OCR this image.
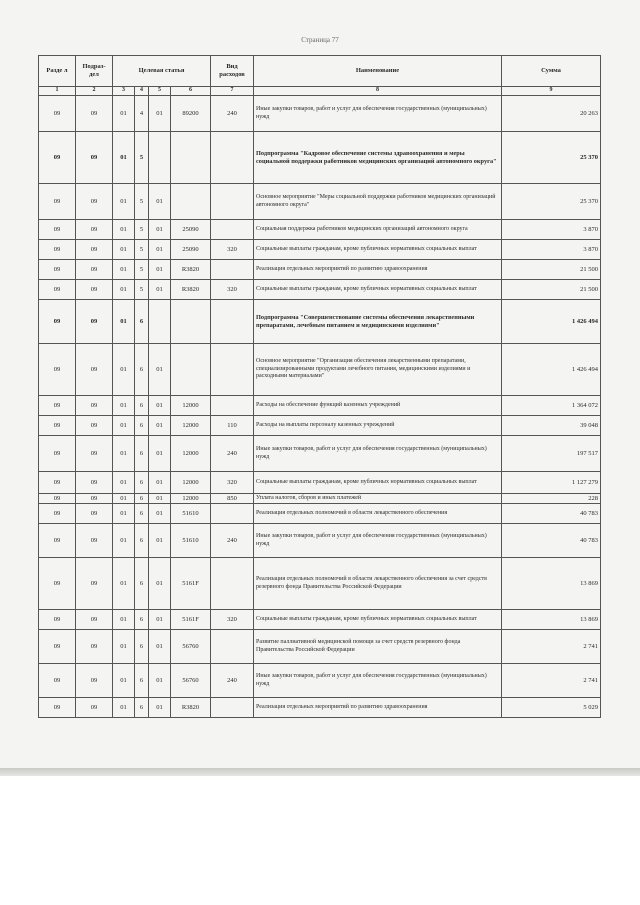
Страница 77
Разде л	Подраз- дел	Целевая статья				Вид расходов	Наименование	Сумма
1	2	3	4	5	6	7	8	9
09	09	01	4	01	89200	240	Иные закупки товаров, работ и услуг для обеспечения государственных (муниципальных) нужд	20 263
09	09	01	5				Подпрограмма "Кадровое обеспечение системы здравоохранения и меры социальной поддержки работников медицинских организаций автономного округа"	25 370
09	09	01	5	01			Основное мероприятие "Меры социальной поддержки работников медицинских организаций автономного округа"	25 370
09	09	01	5	01	25090		Социальная поддержка работников медицинских организаций автономного округа	3 870
09	09	01	5	01	25090	320	Социальные выплаты гражданам, кроме публичных нормативных социальных выплат	3 870
09	09	01	5	01	R3820		Реализация отдельных мероприятий по развитию здравоохранения	21 500
09	09	01	5	01	R3820	320	Социальные выплаты гражданам, кроме публичных нормативных социальных выплат	21 500
09	09	01	6				Подпрограмма "Совершенствование системы обеспечения лекарственными препаратами, лечебным питанием и медицинскими изделиями"	1 426 494
09	09	01	6	01			Основное мероприятие "Организация обеспечения лекарственными препаратами, специализированными продуктами лечебного питания, медицинскими изделиями и расходными материалами"	1 426 494
09	09	01	6	01	12000		Расходы на обеспечение функций казенных учреждений	1 364 072
09	09	01	6	01	12000	110	Расходы на выплаты персоналу казенных учреждений	39 048
09	09	01	6	01	12000	240	Иные закупки товаров, работ и услуг для обеспечения государственных (муниципальных) нужд	197 517
09	09	01	6	01	12000	320	Социальные выплаты гражданам, кроме публичных нормативных социальных выплат	1 127 279
09	09	01	6	01	12000	850	Уплата налогов, сборов и иных платежей	228
09	09	01	6	01	51610		Реализация отдельных полномочий в области лекарственного обеспечения	40 783
09	09	01	6	01	51610	240	Иные закупки товаров, работ и услуг для обеспечения государственных (муниципальных) нужд	40 783
09	09	01	6	01	5161F		Реализация отдельных полномочий в области лекарственного обеспечения за счет средств резервного фонда Правительства Российской Федерации	13 869
09	09	01	6	01	5161F	320	Социальные выплаты гражданам, кроме публичных нормативных социальных выплат	13 869
09	09	01	6	01	56760		Развитие паллиативной медицинской помощи за счет средств резервного фонда Правительства Российской Федерации	2 741
09	09	01	6	01	56760	240	Иные закупки товаров, работ и услуг для обеспечения государственных (муниципальных) нужд	2 741
09	09	01	6	01	R3820		Реализация отдельных мероприятий по развитию здравоохранения	5 029
